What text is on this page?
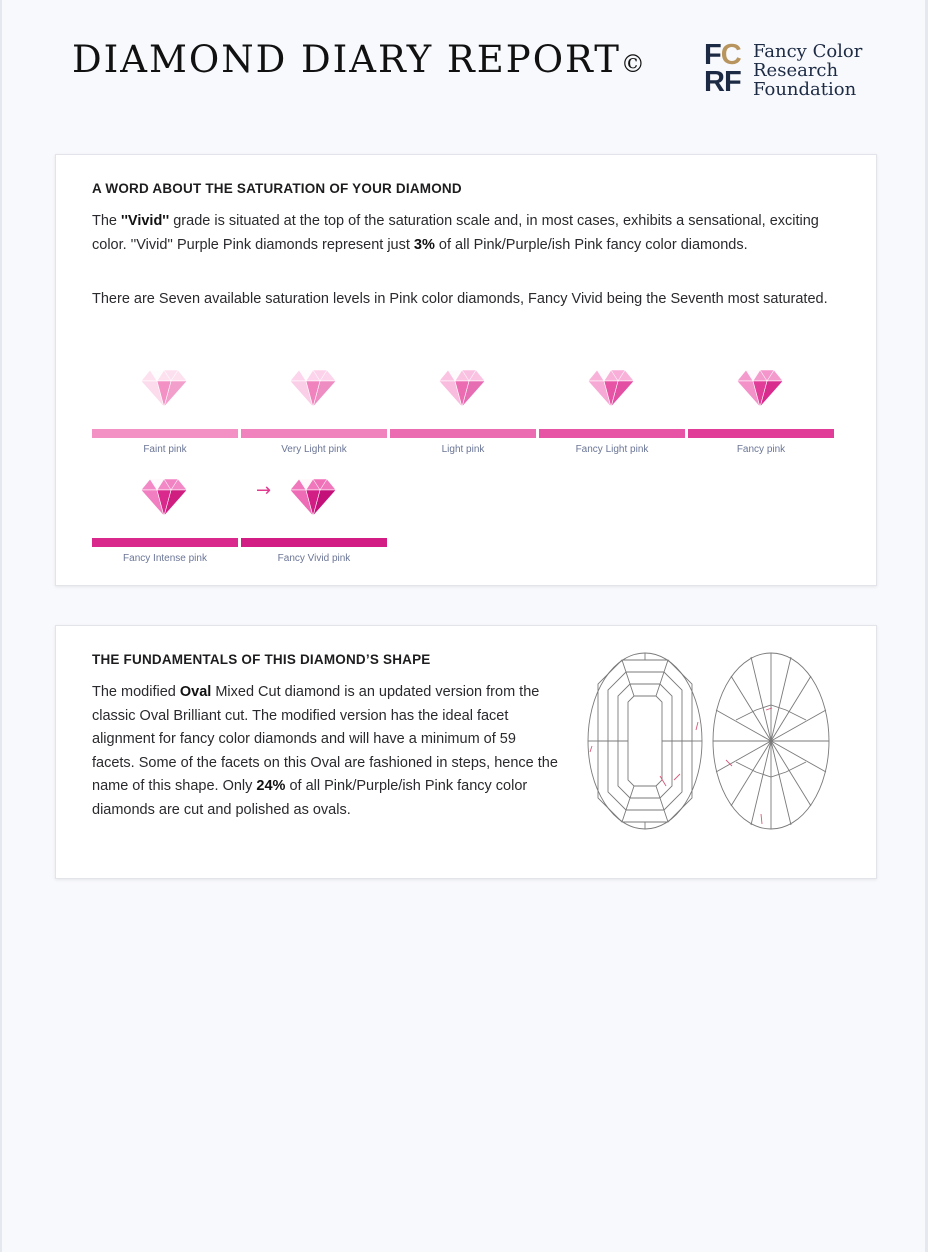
DIAMOND DIARY REPORT© FC
RF
Fancy Color
Research
Foundation
A WORD ABOUT THE SATURATION OF YOUR DIAMOND

The ''Vivid'' grade is situated at the top of the saturation scale and, in most cases, exhibits a sensational, exciting color. ''Vivid'' Purple Pink diamonds represent just 3% of all Pink/Purple/ish Pink fancy color diamonds.

There are Seven available saturation levels in Pink color diamonds, Fancy Vivid being the Seventh most saturated.

Faint pink	Very Light pink	Light pink	Fancy Light pink	Fancy pink
Fancy Intense pink	Fancy Vivid pink
→
THE FUNDAMENTALS OF THIS DIAMOND’S SHAPE

The modified Oval Mixed Cut diamond is an updated version from the classic Oval Brilliant cut. The modified version has the ideal facet alignment for fancy color diamonds and will have a minimum of 59 facets. Some of the facets on this Oval are fashioned in steps, hence the name of this shape. Only 24% of all Pink/Purple/ish Pink fancy color diamonds are cut and polished as ovals.
